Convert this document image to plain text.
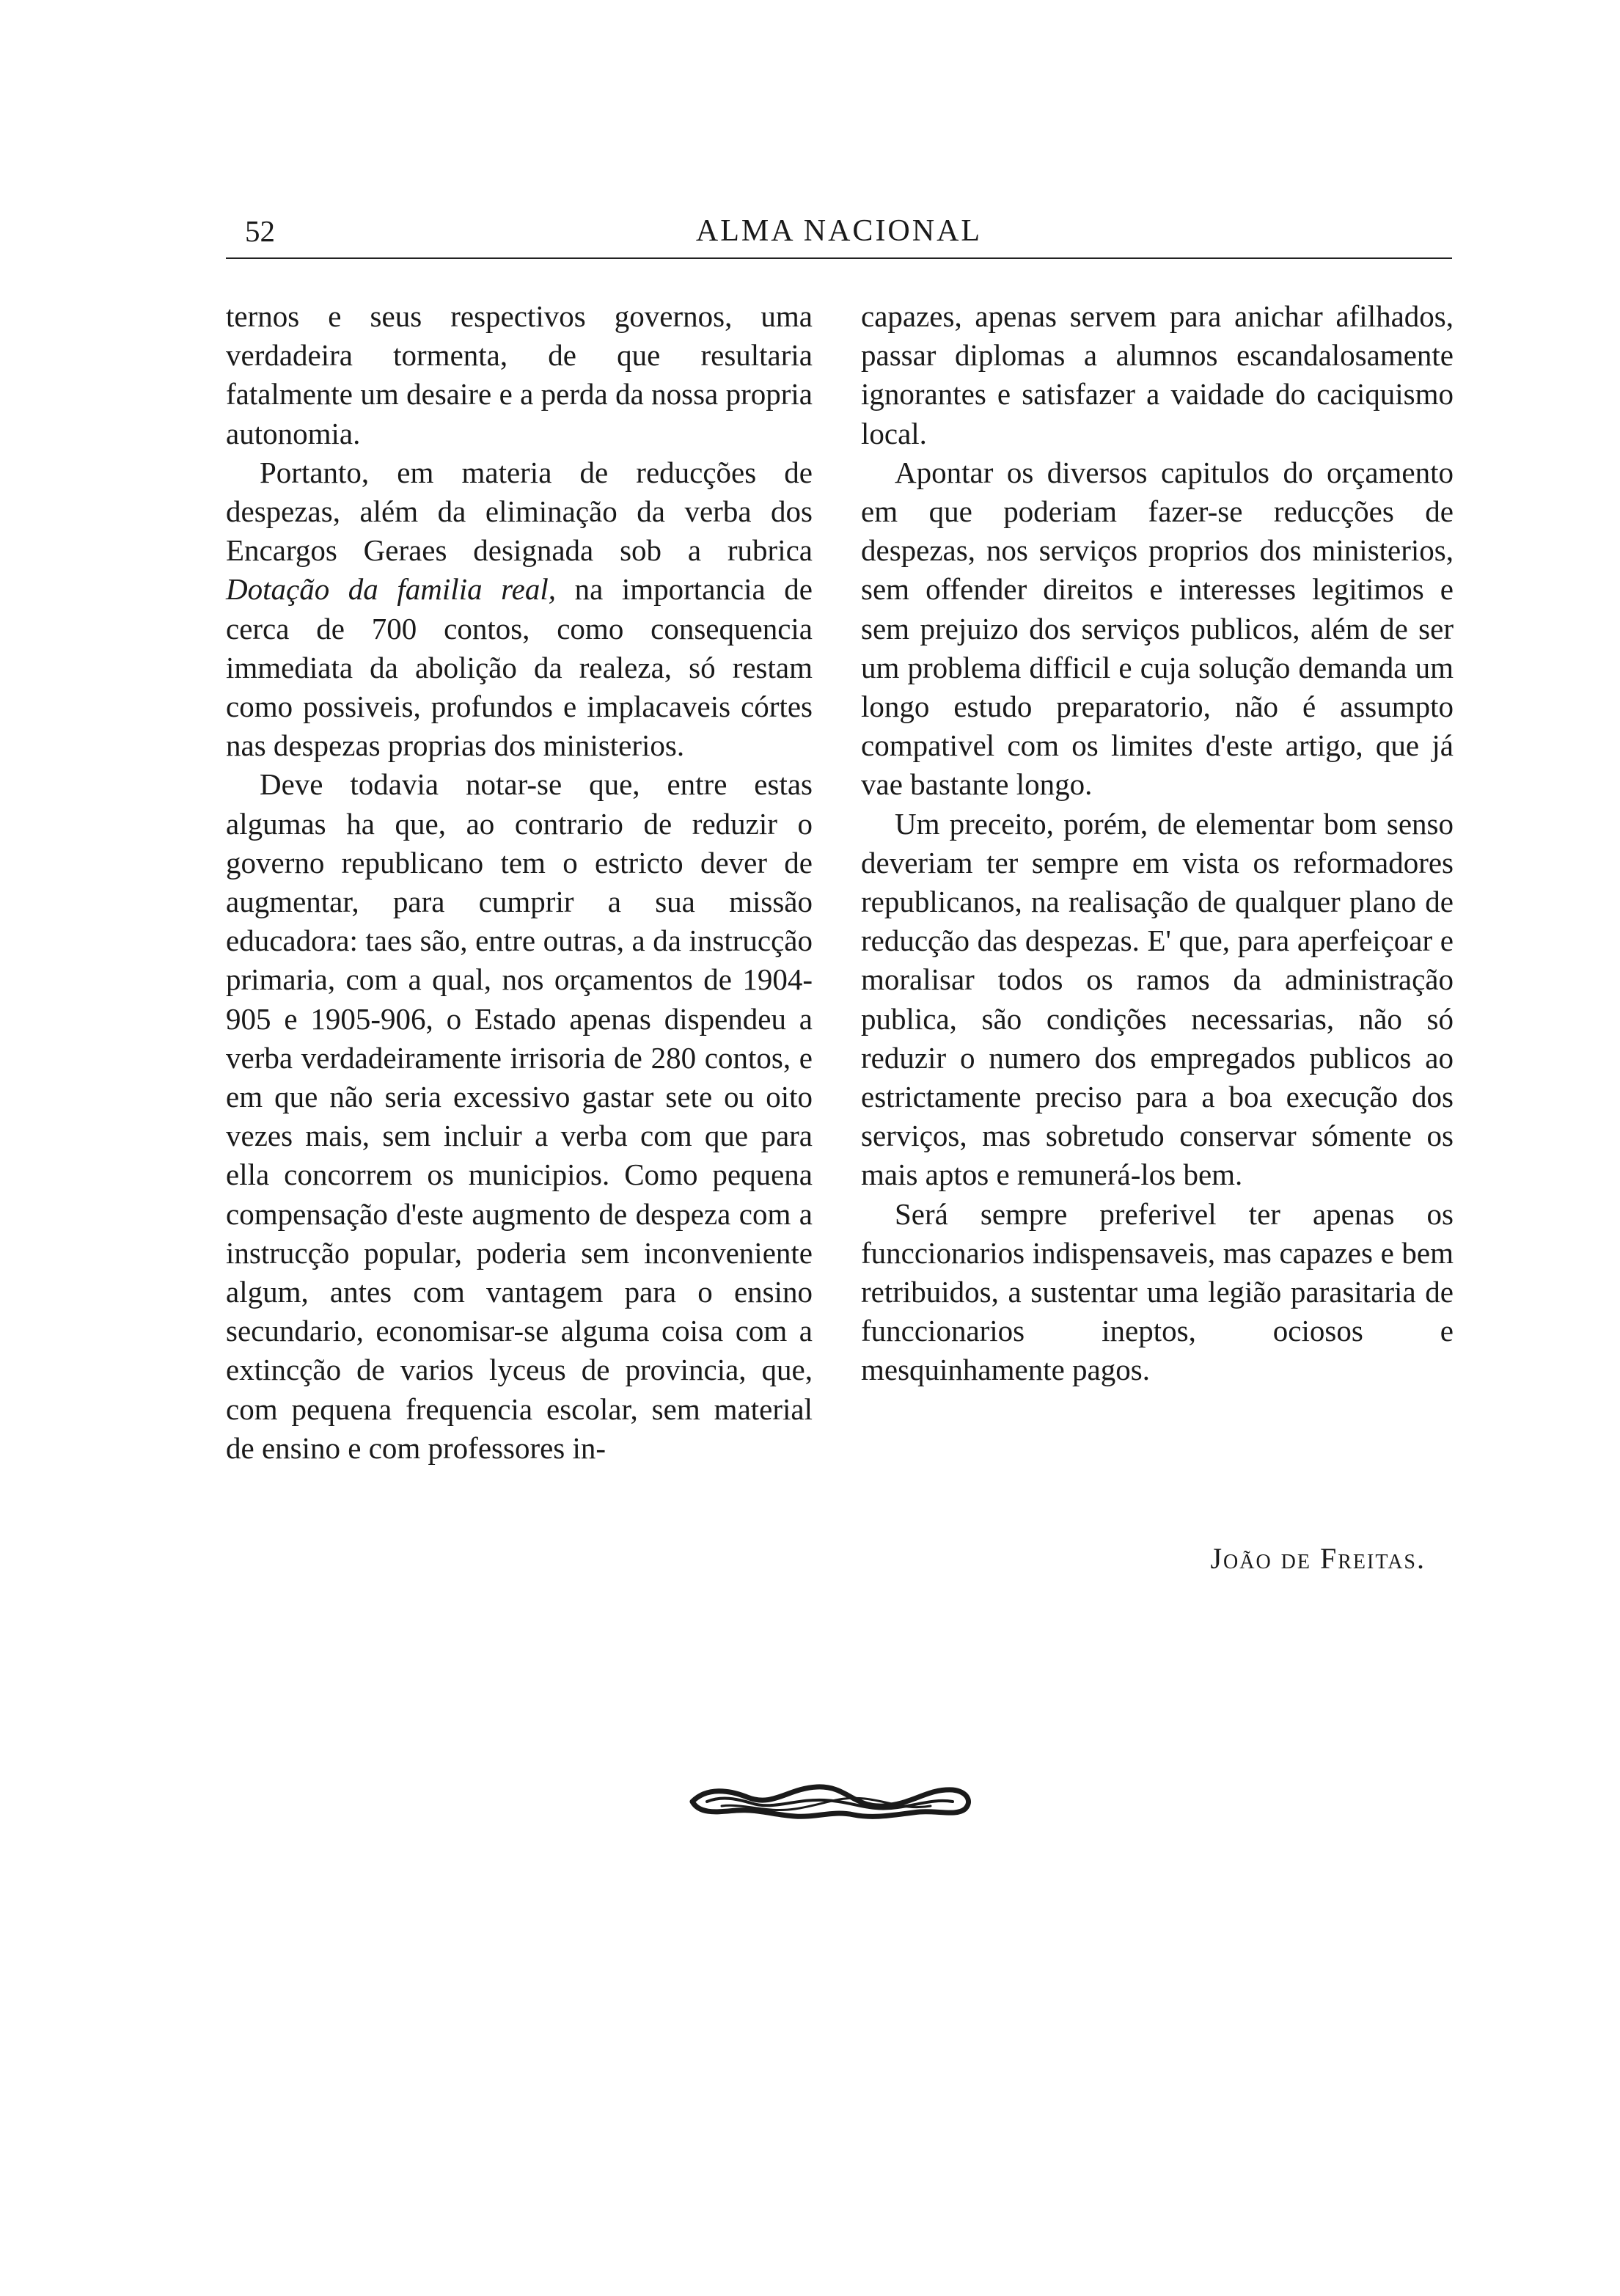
52	ALMA NACIONAL

ternos e seus respectivos governos, uma verdadeira tormenta, de que resultaria fatalmente um desaire e a perda da nossa propria autonomia.

Portanto, em materia de reducções de despezas, além da eliminação da verba dos Encargos Geraes designada sob a rubrica Dotação da familia real, na importancia de cerca de 700 contos, como consequencia immediata da abolição da realeza, só restam como possiveis, profundos e implacaveis córtes nas despezas proprias dos ministerios.

Deve todavia notar-se que, entre estas algumas ha que, ao contrario de reduzir o governo republicano tem o estricto dever de augmentar, para cumprir a sua missão educadora: taes são, entre outras, a da instrucção primaria, com a qual, nos orçamentos de 1904-905 e 1905-906, o Estado apenas dispendeu a verba verdadeiramente irrisoria de 280 contos, e em que não seria excessivo gastar sete ou oito vezes mais, sem incluir a verba com que para ella concorrem os municipios. Como pequena compensação d'este augmento de despeza com a instrucção popular, poderia sem inconveniente algum, antes com vantagem para o ensino secundario, economisar-se alguma coisa com a extincção de varios lyceus de provincia, que, com pequena frequencia escolar, sem material de ensino e com professores in-

capazes, apenas servem para anichar afilhados, passar diplomas a alumnos escandalosamente ignorantes e satisfazer a vaidade do caciquismo local.

Apontar os diversos capitulos do orçamento em que poderiam fazer-se reducções de despezas, nos serviços proprios dos ministerios, sem offender direitos e interesses legitimos e sem prejuizo dos serviços publicos, além de ser um problema difficil e cuja solução demanda um longo estudo preparatorio, não é assumpto compativel com os limites d'este artigo, que já vae bastante longo.

Um preceito, porém, de elementar bom senso deveriam ter sempre em vista os reformadores republicanos, na realisação de qualquer plano de reducção das despezas. E' que, para aperfeiçoar e moralisar todos os ramos da administração publica, são condições necessarias, não só reduzir o numero dos empregados publicos ao estrictamente preciso para a boa execução dos serviços, mas sobretudo conservar sómente os mais aptos e remunerá-los bem.

Será sempre preferivel ter apenas os funccionarios indispensaveis, mas capazes e bem retribuidos, a sustentar uma legião parasitaria de funccionarios ineptos, ociosos e mesquinhamente pagos.

João de Freitas.
